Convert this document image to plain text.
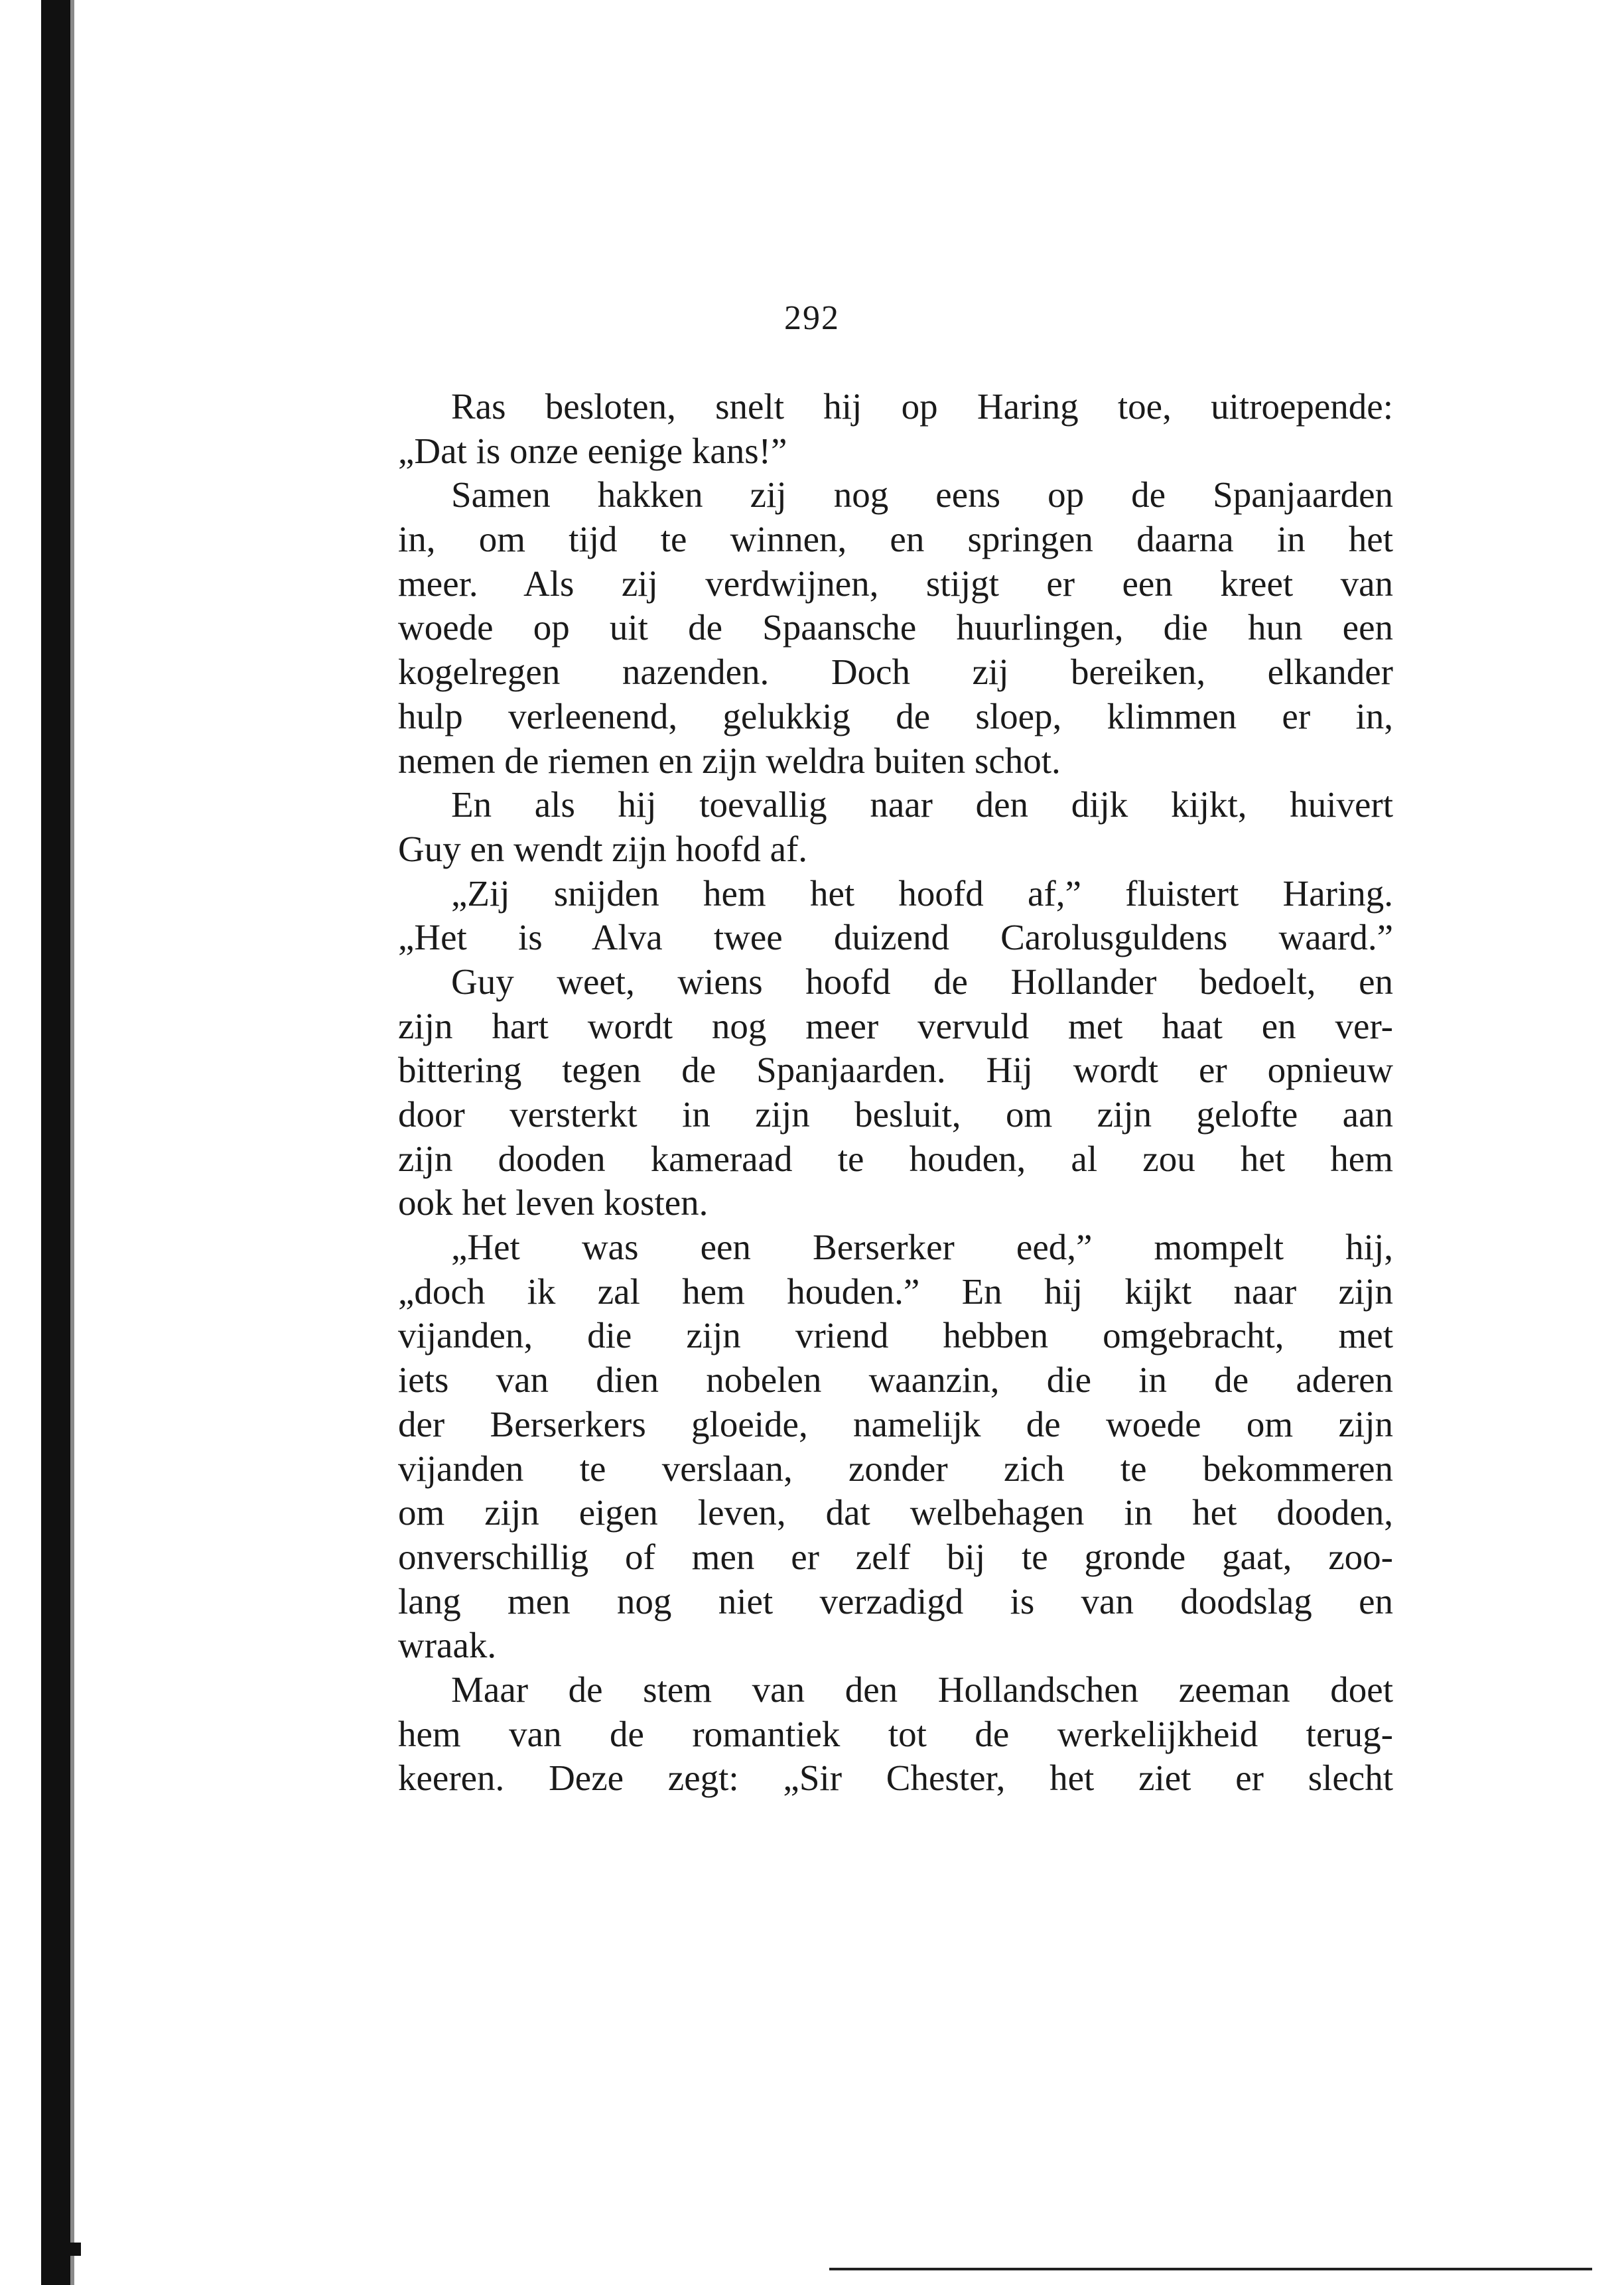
292
Ras besloten, snelt hij op Haring toe, uitroepende:
„Dat is onze eenige kans!”
Samen hakken zij nog eens op de Spanjaarden
in, om tijd te winnen, en springen daarna in het
meer. Als zij verdwijnen, stijgt er een kreet van
woede op uit de Spaansche huurlingen, die hun een
kogelregen nazenden. Doch zij bereiken, elkander
hulp verleenend, gelukkig de sloep, klimmen er in,
nemen de riemen en zijn weldra buiten schot.
En als hij toevallig naar den dijk kijkt, huivert
Guy en wendt zijn hoofd af.
„Zij snijden hem het hoofd af,” fluistert Haring.
„Het is Alva twee duizend Carolusguldens waard.”
Guy weet, wiens hoofd de Hollander bedoelt, en
zijn hart wordt nog meer vervuld met haat en ver-
bittering tegen de Spanjaarden. Hij wordt er opnieuw
door versterkt in zijn besluit, om zijn gelofte aan
zijn dooden kameraad te houden, al zou het hem
ook het leven kosten.
„Het was een Berserker eed,” mompelt hij,
„doch ik zal hem houden.” En hij kijkt naar zijn
vijanden, die zijn vriend hebben omgebracht, met
iets van dien nobelen waanzin, die in de aderen
der Berserkers gloeide, namelijk de woede om zijn
vijanden te verslaan, zonder zich te bekommeren
om zijn eigen leven, dat welbehagen in het dooden,
onverschillig of men er zelf bij te gronde gaat, zoo-
lang men nog niet verzadigd is van doodslag en
wraak.
Maar de stem van den Hollandschen zeeman doet
hem van de romantiek tot de werkelijkheid terug-
keeren. Deze zegt: „Sir Chester, het ziet er slecht
